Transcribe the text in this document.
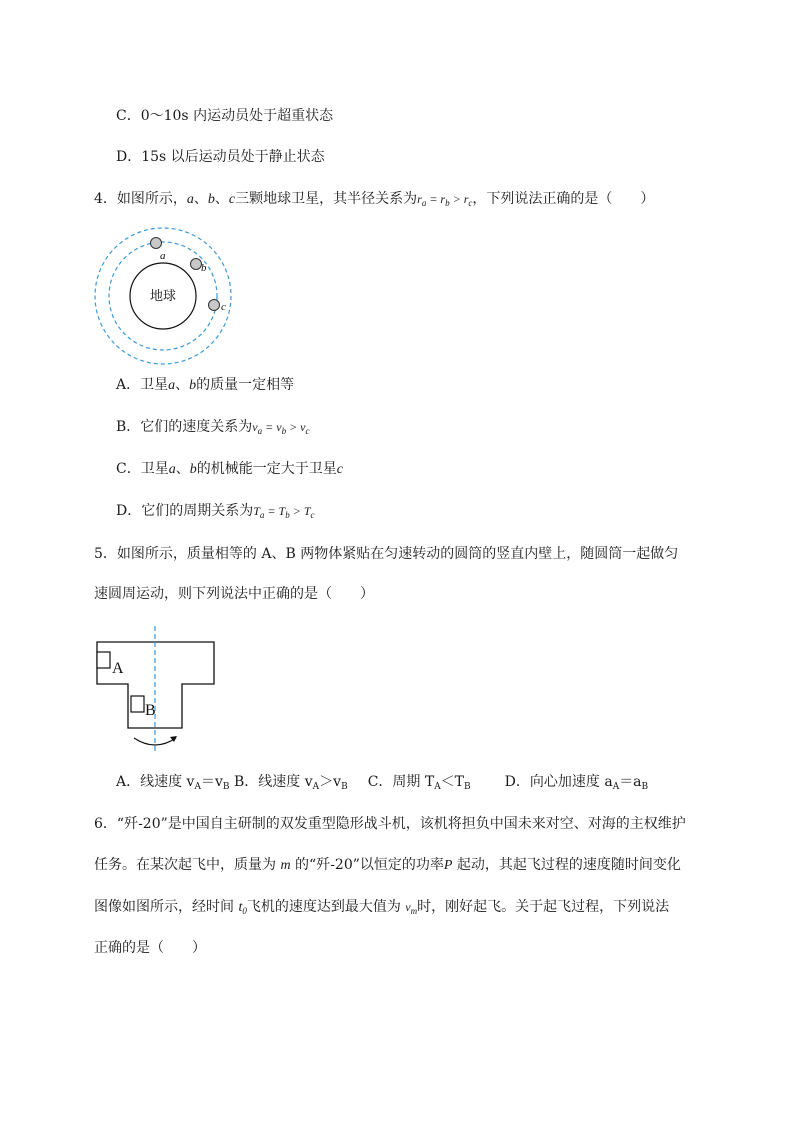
C．0～10s 内运动员处于超重状态
D．15s 以后运动员处于静止状态
4．如图所示，a、b、c三颗地球卫星，其半径关系为$r_a = r_b > r_c$，下列说法正确的是（　　）
地球
a
b
c
A．卫星a、b的质量一定相等
B．它们的速度关系为$v_a = v_b > v_c$
C．卫星a、b的机械能一定大于卫星c
D．它们的周期关系为$T_a = T_b > T_c$
5．如图所示，质量相等的 A、B 两物体紧贴在匀速转动的圆筒的竖直内壁上，随圆筒一起做匀
速圆周运动，则下列说法中正确的是（　　）
A
B
A．线速度 $v_A=v_B$ B．线速度 $v_A>v_B$ C．周期 $T_A<T_B$ D．向心加速度 $a_A=a_B$
6．“歼-20”是中国自主研制的双发重型隐形战斗机，该机将担负中国未来对空、对海的主权维护
任务。在某次起飞中，质量为 m 的“歼-20”以恒定的功率P 起动，其起飞过程的速度随时间变化
图像如图所示，经时间 $t_0$飞机的速度达到最大值为 $v_m$时，刚好起飞。关于起飞过程，下列说法
正确的是（　　）
